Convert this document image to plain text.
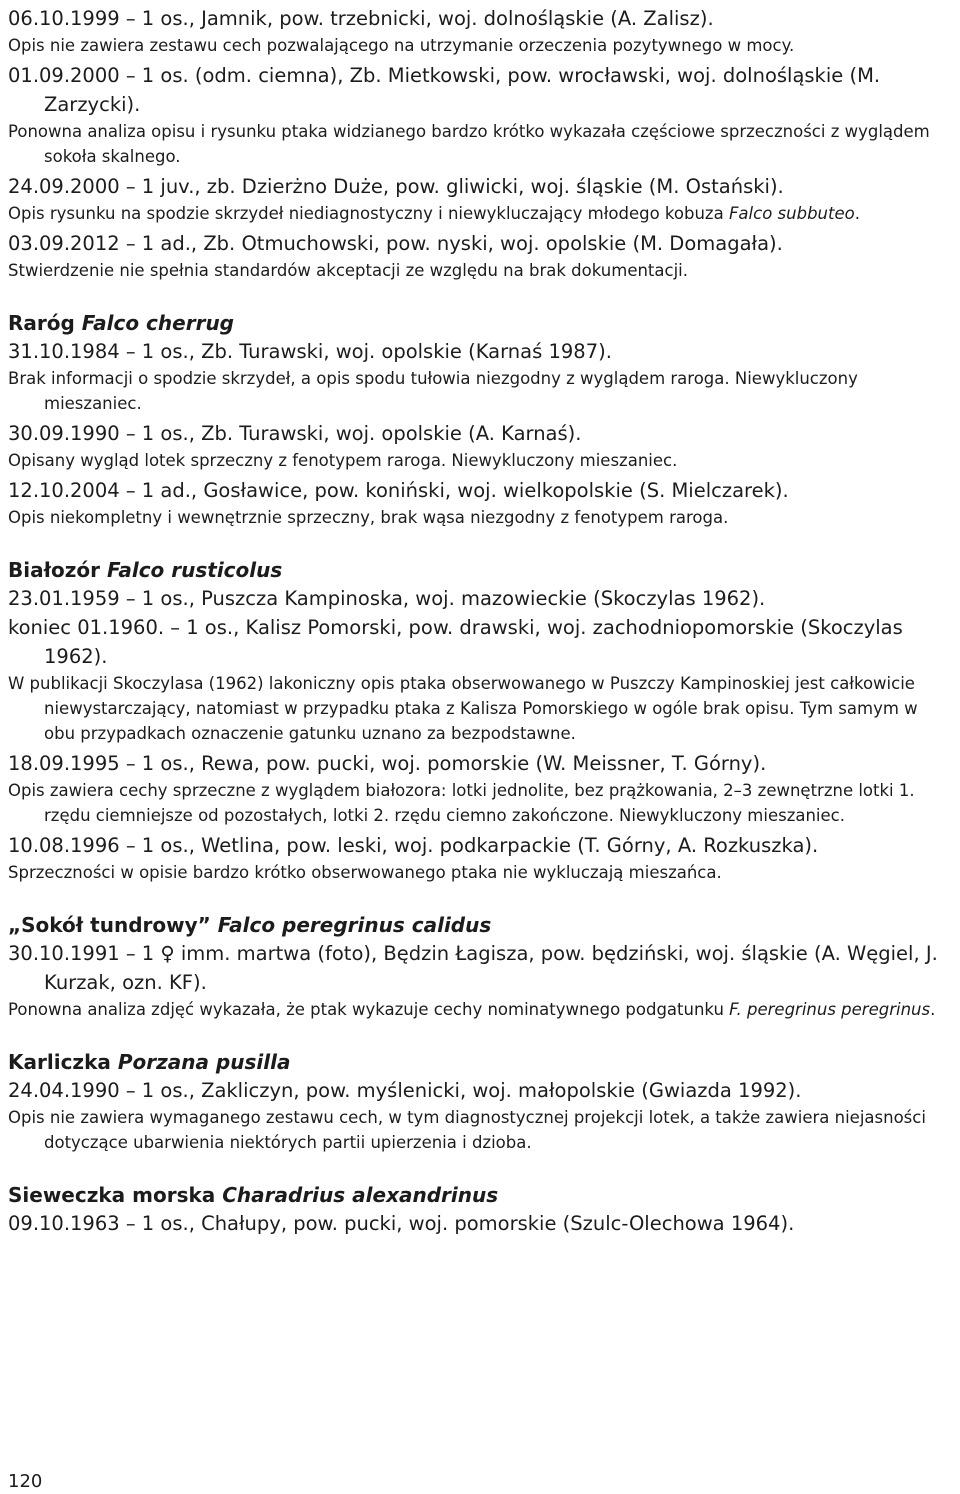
06.10.1999 – 1 os., Jamnik, pow. trzebnicki, woj. dolnośląskie (A. Zalisz).
Opis nie zawiera zestawu cech pozwalającego na utrzymanie orzeczenia pozytywnego w mocy.
01.09.2000 – 1 os. (odm. ciemna), Zb. Mietkowski, pow. wrocławski, woj. dolnośląskie (M. Zarzycki).
Ponowna analiza opisu i rysunku ptaka widzianego bardzo krótko wykazała częściowe sprzeczności z wyglądem sokoła skalnego.
24.09.2000 – 1 juv., zb. Dzierżno Duże, pow. gliwicki, woj. śląskie (M. Ostański).
Opis rysunku na spodzie skrzydeł niediagnostyczny i niewykluczający młodego kobuza Falco subbuteo.
03.09.2012 – 1 ad., Zb. Otmuchowski, pow. nyski, woj. opolskie (M. Domagała).
Stwierdzenie nie spełnia standardów akceptacji ze względu na brak dokumentacji.
Raróg Falco cherrug
31.10.1984 – 1 os., Zb. Turawski, woj. opolskie (Karnaś 1987).
Brak informacji o spodzie skrzydeł, a opis spodu tułowia niezgodny z wyglądem raroga. Niewykluczony mieszaniec.
30.09.1990 – 1 os., Zb. Turawski, woj. opolskie (A. Karnaś).
Opisany wygląd lotek sprzeczny z fenotypem raroga. Niewykluczony mieszaniec.
12.10.2004 – 1 ad., Gosławice, pow. koniński, woj. wielkopolskie (S. Mielczarek).
Opis niekompletny i wewnętrznie sprzeczny, brak wąsa niezgodny z fenotypem raroga.
Białozór Falco rusticolus
23.01.1959 – 1 os., Puszcza Kampinoska, woj. mazowieckie (Skoczylas 1962).
koniec 01.1960. – 1 os., Kalisz Pomorski, pow. drawski, woj. zachodniopomorskie (Skoczylas 1962).
W publikacji Skoczylasa (1962) lakoniczny opis ptaka obserwowanego w Puszczy Kampinoskiej jest całkowicie niewystarczający, natomiast w przypadku ptaka z Kalisza Pomorskiego w ogóle brak opisu. Tym samym w obu przypadkach oznaczenie gatunku uznano za bezpodstawne.
18.09.1995 – 1 os., Rewa, pow. pucki, woj. pomorskie (W. Meissner, T. Górny).
Opis zawiera cechy sprzeczne z wyglądem białozora: lotki jednolite, bez prążkowania, 2–3 zewnętrzne lotki 1. rzędu ciemniejsze od pozostałych, lotki 2. rzędu ciemno zakończone. Niewykluczony mieszaniec.
10.08.1996 – 1 os., Wetlina, pow. leski, woj. podkarpackie (T. Górny, A. Rozkuszka).
Sprzeczności w opisie bardzo krótko obserwowanego ptaka nie wykluczają mieszańca.
„Sokół tundrowy” Falco peregrinus calidus
30.10.1991 – 1 ♀ imm. martwa (foto), Będzin Łagisza, pow. będziński, woj. śląskie (A. Węgiel, J. Kurzak, ozn. KF).
Ponowna analiza zdjęć wykazała, że ptak wykazuje cechy nominatywnego podgatunku F. peregrinus peregrinus.
Karliczka Porzana pusilla
24.04.1990 – 1 os., Zakliczyn, pow. myślenicki, woj. małopolskie (Gwiazda 1992).
Opis nie zawiera wymaganego zestawu cech, w tym diagnostycznej projekcji lotek, a także zawiera niejasności dotyczące ubarwienia niektórych partii upierzenia i dzioba.
Sieweczka morska Charadrius alexandrinus
09.10.1963 – 1 os., Chałupy, pow. pucki, woj. pomorskie (Szulc-Olechowa 1964).
120
